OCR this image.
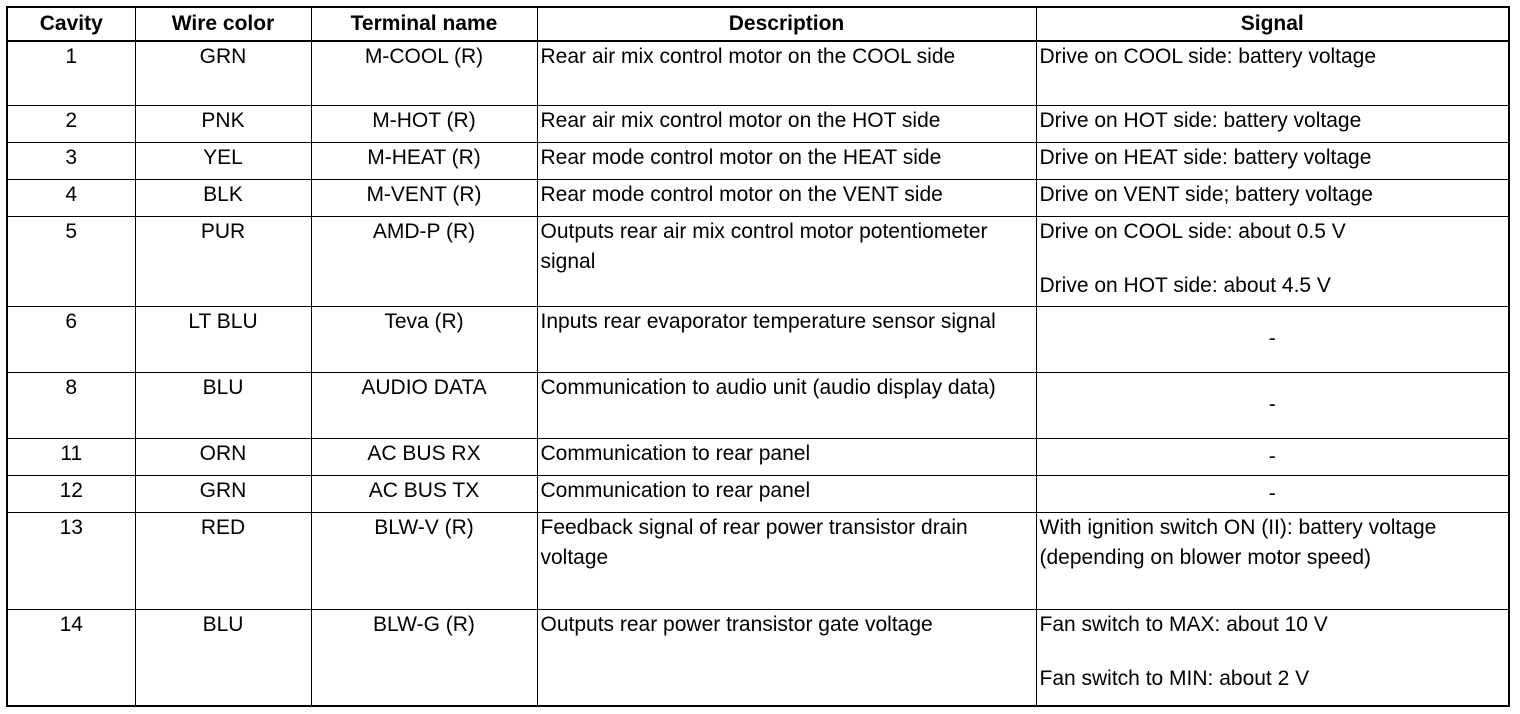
Cavity	Wire color	Terminal name	Description	Signal
1	GRN	M-COOL (R)	Rear air mix control motor on the COOL side	Drive on COOL side: battery voltage

2	PNK	M-HOT (R)	Rear air mix control motor on the HOT side	Drive on HOT side: battery voltage

3	YEL	M-HEAT (R)	Rear mode control motor on the HEAT side	Drive on HEAT side: battery voltage

4	BLK	M-VENT (R)	Rear mode control motor on the VENT side	Drive on VENT side; battery voltage

5	PUR	AMD-P (R)	Outputs rear air mix control motor potentiometer signal	Drive on COOL side: about 0.5 V
Drive on HOT side: about 4.5 V

6	LT BLU	Teva (R)	Inputs rear evaporator temperature sensor signal	-

8	BLU	AUDIO DATA	Communication to audio unit (audio display data)	-

11	ORN	AC BUS RX	Communication to rear panel	-

12	GRN	AC BUS TX	Communication to rear panel	-

13	RED	BLW-V (R)	Feedback signal of rear power transistor drain voltage	With ignition switch ON (II): battery voltage (depending on blower motor speed)

14	BLU	BLW-G (R)	Outputs rear power transistor gate voltage	Fan switch to MAX: about 10 V
Fan switch to MIN: about 2 V
